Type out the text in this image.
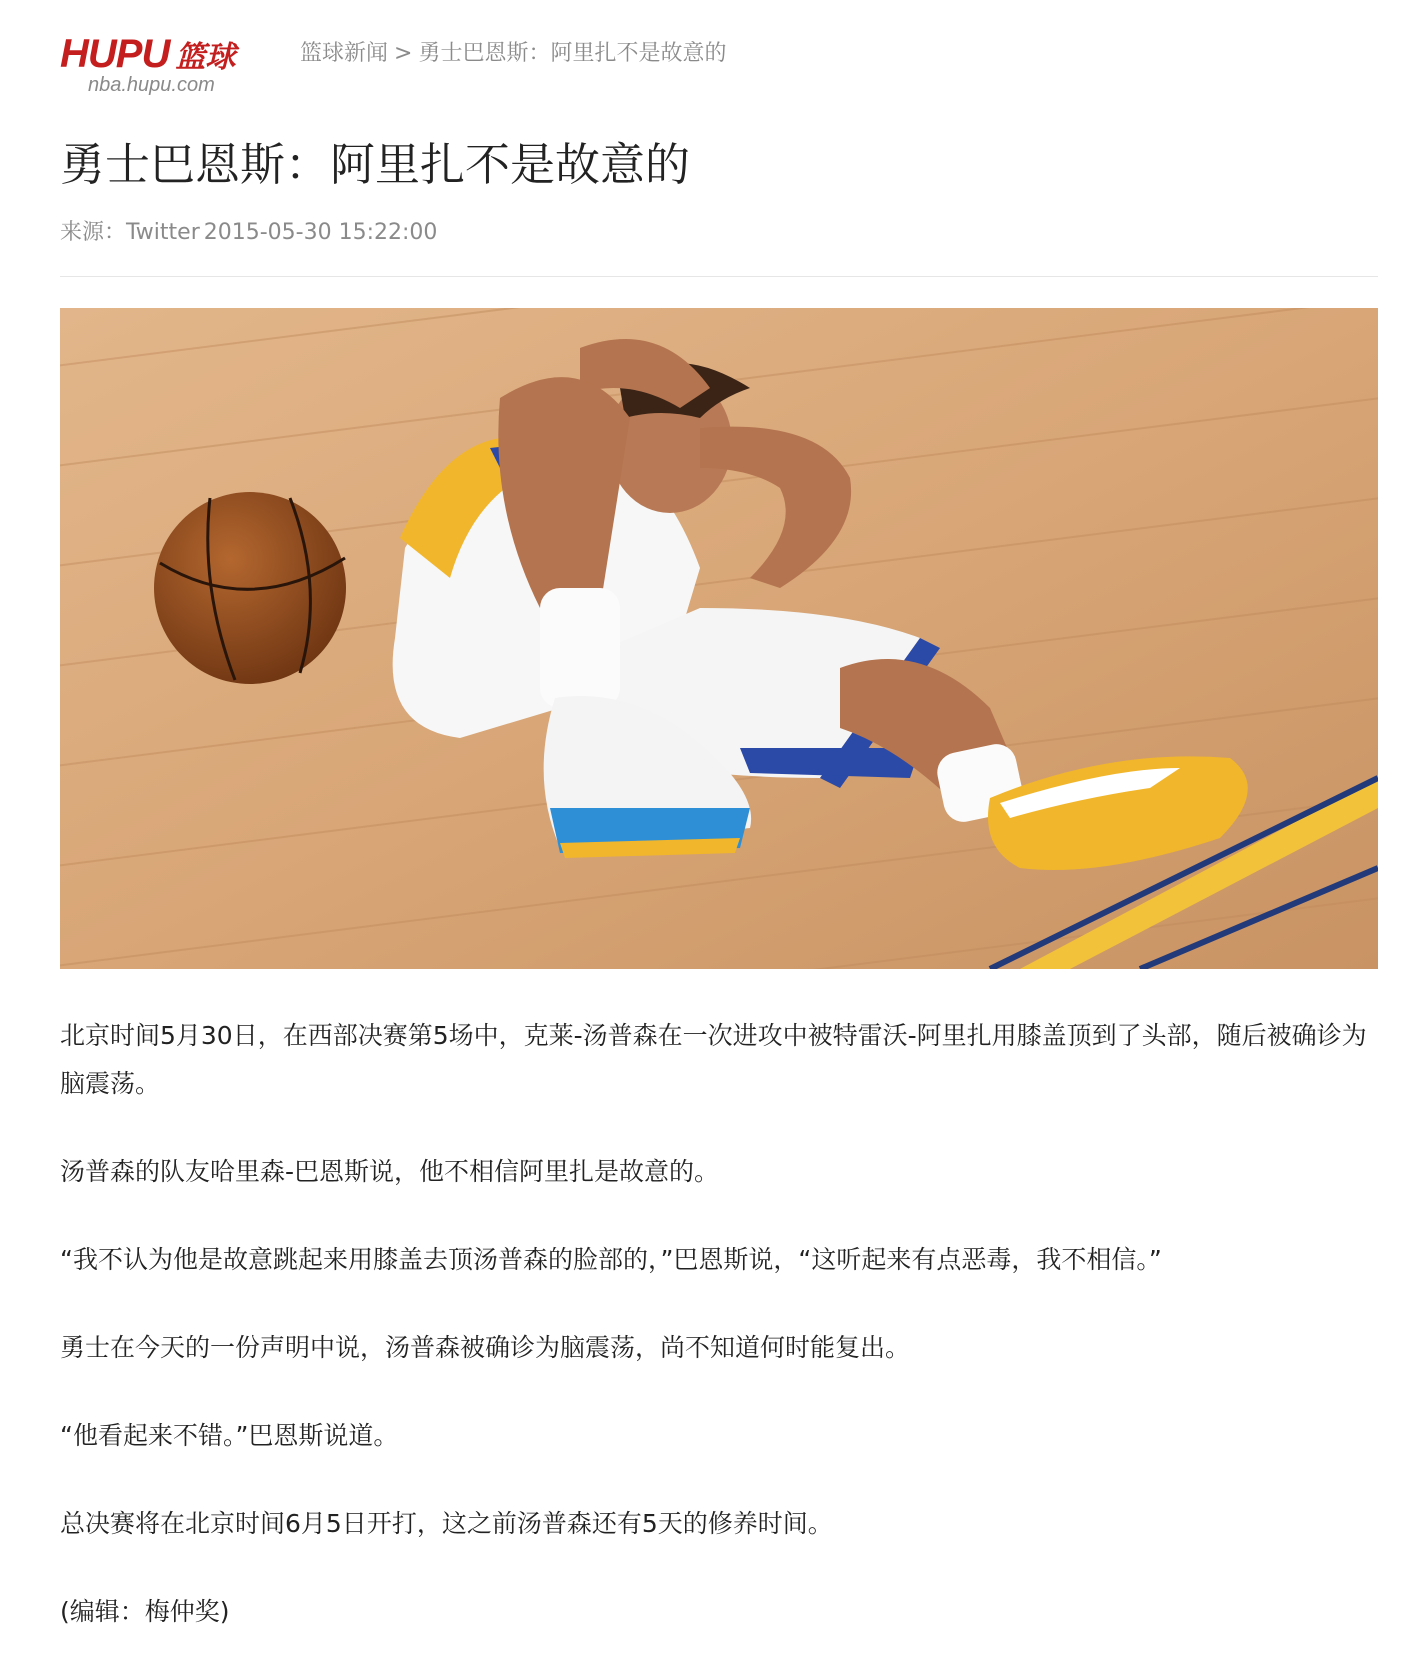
HUPU 篮球
nba.hupu.com
篮球新闻 > 勇士巴恩斯：阿里扎不是故意的
勇士巴恩斯：阿里扎不是故意的
来源：Twitter 2015-05-30 15:22:00

北京时间5月30日，在西部决赛第5场中，克莱-汤普森在一次进攻中被特雷沃-阿里扎用膝盖顶到了头部，随后被确诊为脑震荡。

汤普森的队友哈里森-巴恩斯说，他不相信阿里扎是故意的。

“我不认为他是故意跳起来用膝盖去顶汤普森的脸部的，”巴恩斯说，“这听起来有点恶毒，我不相信。”

勇士在今天的一份声明中说，汤普森被确诊为脑震荡，尚不知道何时能复出。

“他看起来不错。”巴恩斯说道。

总决赛将在北京时间6月5日开打，这之前汤普森还有5天的修养时间。

(编辑：梅仲奖)
